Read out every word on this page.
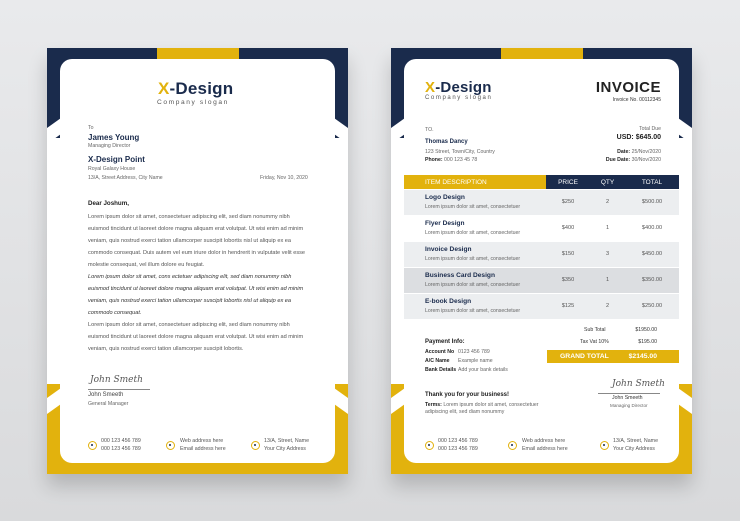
X-Design
Company slogan
To
James Young
Managing Director
X-Design Point
Royal Galaxy House
13/A, Street Address, City Name	Friday, Nov 10, 2020
Dear Joshum,
Lorem ipsum dolor sit amet, consectetuer adipiscing elit, sed diam nonummy nibh euismod tincidunt ut laoreet dolore magna aliquam erat volutpat. Ut wisi enim ad minim veniam, quis nostrud exerci tation ullamcorper suscipit lobortis nisl ut aliquip ex ea commodo consequat. Duis autem vel eum iriure dolor in hendrerit in vulputate velit esse molestie consequat, vel illum dolore eu feugiat.
Lorem ipsum dolor sit amet, cons ectetuer adipiscing elit, sed diam nonummy nibh euismod tincidunt ut laoreet dolore magna aliquam erat volutpat. Ut wisi enim ad minim veniam, quis nostrud exerci tation ullamcorper suscipit lobortis nisl ut aliquip ex ea commodo consequat.
Lorem ipsum dolor sit amet, consectetuer adipiscing elit, sed diam nonummy nibh euismod tincidunt ut laoreet dolore magna aliquam erat volutpat. Ut wisi enim ad minim veniam, quis nostrud exerci tation ullamcorper suscipit lobortis.
John Smeth
John Smeeth
General Manager
000 123 456 789
000 123 456 789
Web address here
Email address here
13/A, Street, Name
Your City Address
X-Design
Company slogan
INVOICE
Invoice No. 00112345
TO.
Thomas Dancy
123 Street, Town/City, Country
Phone: 000 123 45 78
Total Due
USD: $645.00
Date: 25/Nov/2020
Due Date: 30/Nov/2020
ITEM DESCRIPTION	PRICE	QTY	TOTAL
Logo Design
Lorem ipsum dolor sit amet, consectetuer
$250	2	$500.00
Flyer Design
Lorem ipsum dolor sit amet, consectetuer
$400	1	$400.00
Invoice Design
Lorem ipsum dolor sit amet, consectetuer
$150	3	$450.00
Business Card Design
Lorem ipsum dolor sit amet, consectetuer
$350	1	$350.00
E-book Design
Lorem ipsum dolor sit amet, consectetuer
$125	2	$250.00
Sub Total	$1950.00
Tax Vat 10%	$195.00
GRAND TOTAL	$2145.00
Payment Info:
Account No 0123 456 789
A/C Name Example name
Bank Details Add your bank details
John Smeth
John Smeeth
Managing Director
Thank you for your business!
Terms: Lorem ipsum dolor sit amet, consectetuer
adipiscing elit, sed diam nonummy
000 123 456 789
000 123 456 789
Web address here
Email address here
13/A, Street, Name
Your City Address
